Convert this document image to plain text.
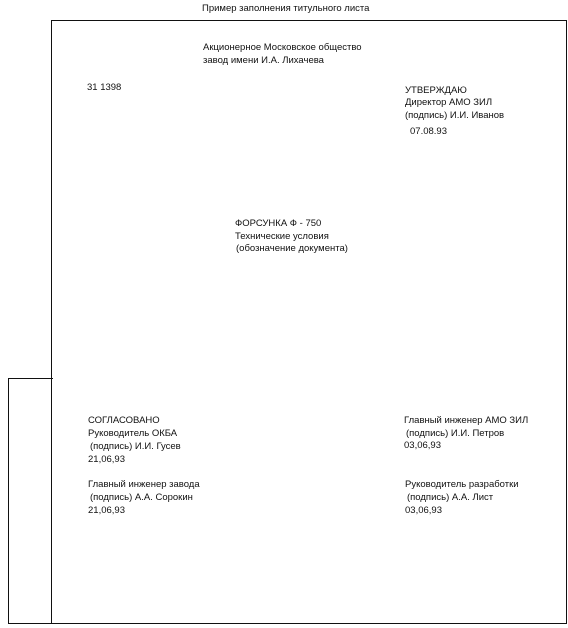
Пример заполнения титульного листа
Акционерное Московское общество
завод имени И.А. Лихачева
31 1398	УТВЕРЖДАЮ
Директор АМО ЗИЛ
(подпись) И.И. Иванов
07.08.93
ФОРСУНКА Ф - 750
Технические условия
(обозначение документа)
СОГЛАСОВАНО
Руководитель ОКБА
(подпись) И.И. Гусев
21,06,93
Главный инженер завода
(подпись) А.А. Сорокин
21,06,93
Главный инженер АМО ЗИЛ
(подпись) И.И. Петров
03,06,93
Руководитель разработки
(подпись) А.А. Лист
03,06,93
